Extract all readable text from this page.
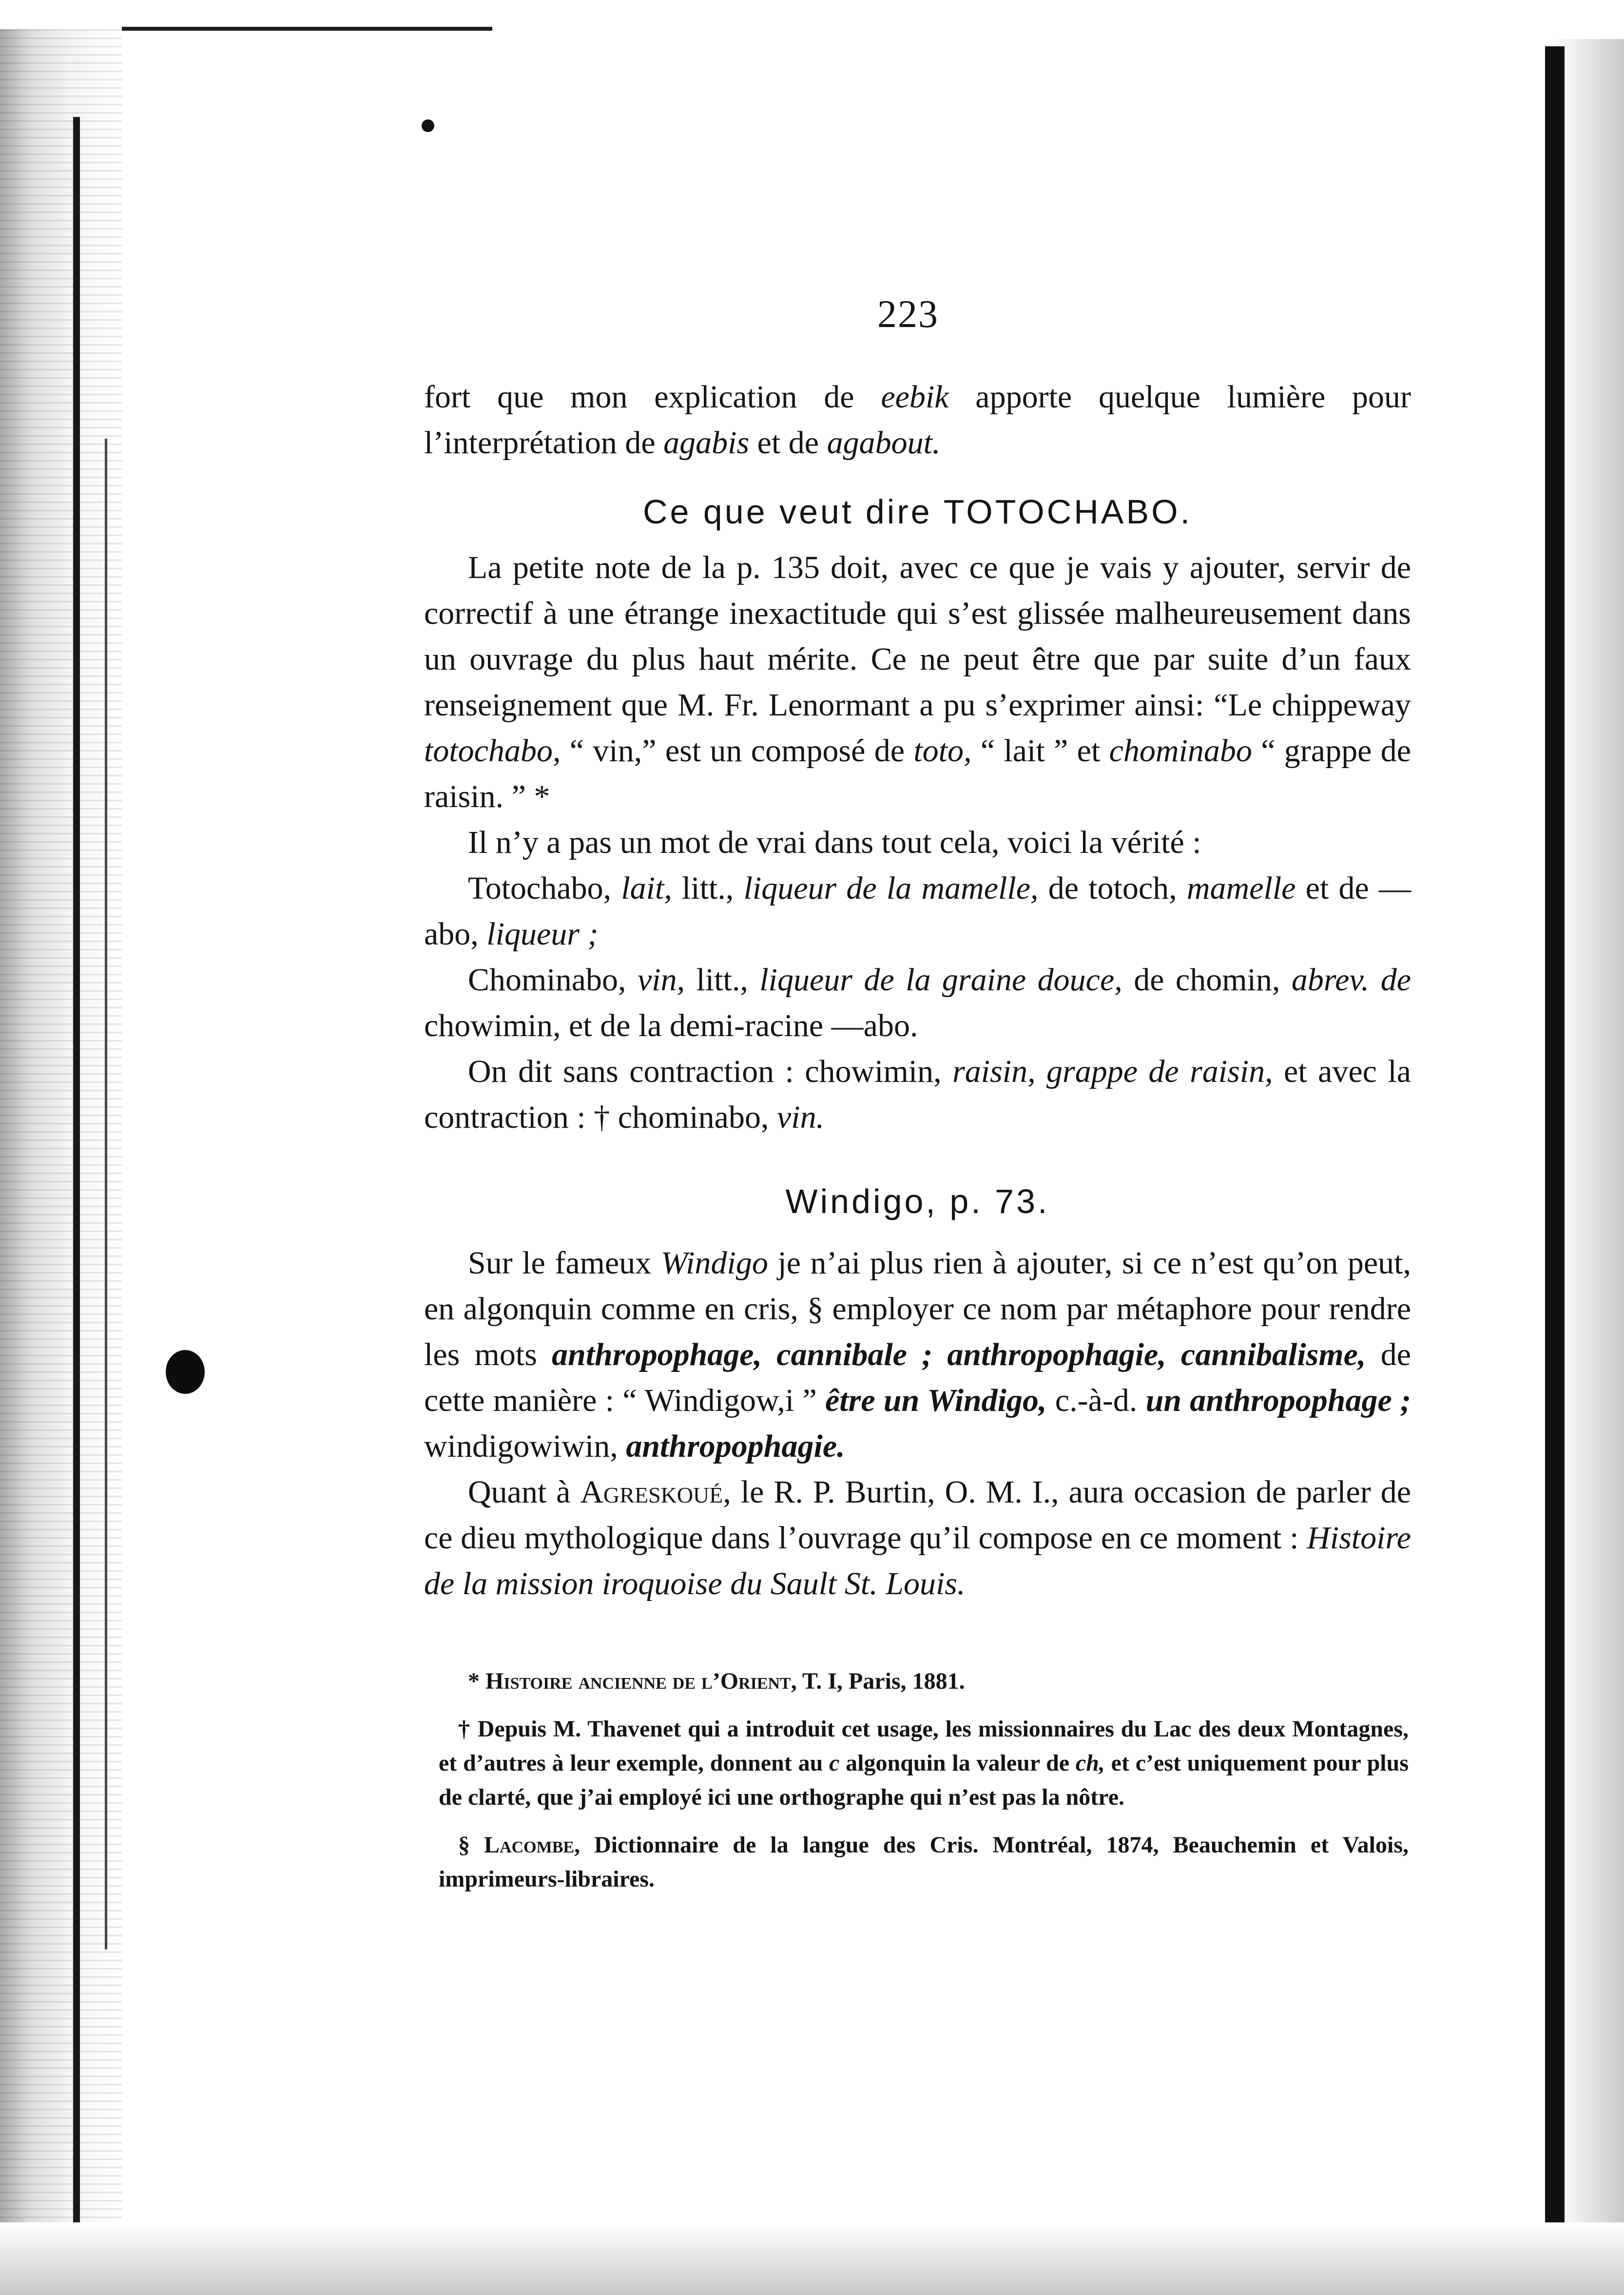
223
fort que mon explication de eebik apporte quelque lumière pour l’interprétation de agabis et de agabout.
Ce que veut dire TOTOCHABO.
La petite note de la p. 135 doit, avec ce que je vais y ajouter, servir de correctif à une étrange inexactitude qui s’est glissée malheureusement dans un ouvrage du plus haut mérite. Ce ne peut être que par suite d’un faux renseignement que M. Fr. Lenormant a pu s’exprimer ainsi: “Le chippeway totochabo, “ vin,” est un composé de toto, “ lait ” et chominabo “ grappe de raisin. ” *
Il n’y a pas un mot de vrai dans tout cela, voici la vérité :
Totochabo, lait, litt., liqueur de la mamelle, de totoch, mamelle et de —abo, liqueur ;
Chominabo, vin, litt., liqueur de la graine douce, de chomin, abrev. de chowimin, et de la demi-racine —abo.
On dit sans contraction : chowimin, raisin, grappe de raisin, et avec la contraction : † chominabo, vin.
Windigo, p. 73.
Sur le fameux Windigo je n’ai plus rien à ajouter, si ce n’est qu’on peut, en algonquin comme en cris, § employer ce nom par métaphore pour rendre les mots anthropophage, cannibale ; anthropophagie, cannibalisme, de cette manière : “ Windigow,i ” être un Windigo, c.-à-d. un anthropophage ; windigowiwin, anthropophagie.
Quant à Agreskoué, le R. P. Burtin, O. M. I., aura occasion de parler de ce dieu mythologique dans l’ouvrage qu’il compose en ce moment : Histoire de la mission iroquoise du Sault St. Louis.
* Histoire ancienne de l’Orient, T. I, Paris, 1881.
† Depuis M. Thavenet qui a introduit cet usage, les missionnaires du Lac des deux Montagnes, et d’autres à leur exemple, donnent au c algonquin la valeur de ch, et c’est uniquement pour plus de clarté, que j’ai employé ici une orthographe qui n’est pas la nôtre.
§ Lacombe, Dictionnaire de la langue des Cris. Montréal, 1874, Beauchemin et Valois, imprimeurs-libraires.
